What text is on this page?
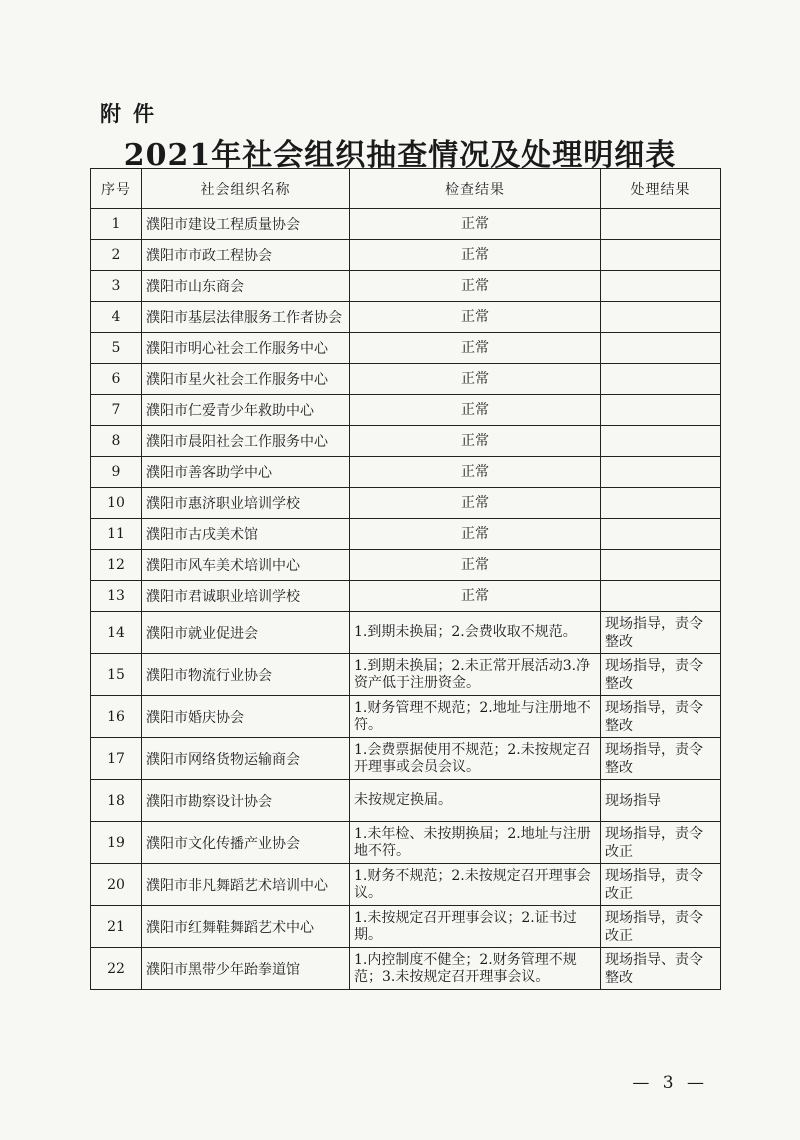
附件
2021年社会组织抽查情况及处理明细表
序号	社会组织名称	检查结果	处理结果
1	濮阳市建设工程质量协会	正常	
2	濮阳市市政工程协会	正常	
3	濮阳市山东商会	正常	
4	濮阳市基层法律服务工作者协会	正常	
5	濮阳市明心社会工作服务中心	正常	
6	濮阳市星火社会工作服务中心	正常	
7	濮阳市仁爱青少年救助中心	正常	
8	濮阳市晨阳社会工作服务中心	正常	
9	濮阳市善客助学中心	正常	
10	濮阳市惠济职业培训学校	正常	
11	濮阳市古戌美术馆	正常	
12	濮阳市风车美术培训中心	正常	
13	濮阳市君诚职业培训学校	正常	
14	濮阳市就业促进会	1.到期未换届；2.会费收取不规范。	现场指导，责令整改
15	濮阳市物流行业协会	1.到期未换届；2.未正常开展活动3.净资产低于注册资金。	现场指导，责令整改
16	濮阳市婚庆协会	1.财务管理不规范；2.地址与注册地不符。	现场指导，责令整改
17	濮阳市网络货物运输商会	1.会费票据使用不规范；2.未按规定召开理事或会员会议。	现场指导，责令整改
18	濮阳市勘察设计协会	未按规定换届。	现场指导
19	濮阳市文化传播产业协会	1.未年检、未按期换届；2.地址与注册地不符。	现场指导，责令改正
20	濮阳市非凡舞蹈艺术培训中心	1.财务不规范；2.未按规定召开理事会议。	现场指导，责令改正
21	濮阳市红舞鞋舞蹈艺术中心	1.未按规定召开理事会议；2.证书过期。	现场指导，责令改正
22	濮阳市黑带少年跆拳道馆	1.内控制度不健全；2.财务管理不规范；3.未按规定召开理事会议。	现场指导、责令整改
— 3 —
